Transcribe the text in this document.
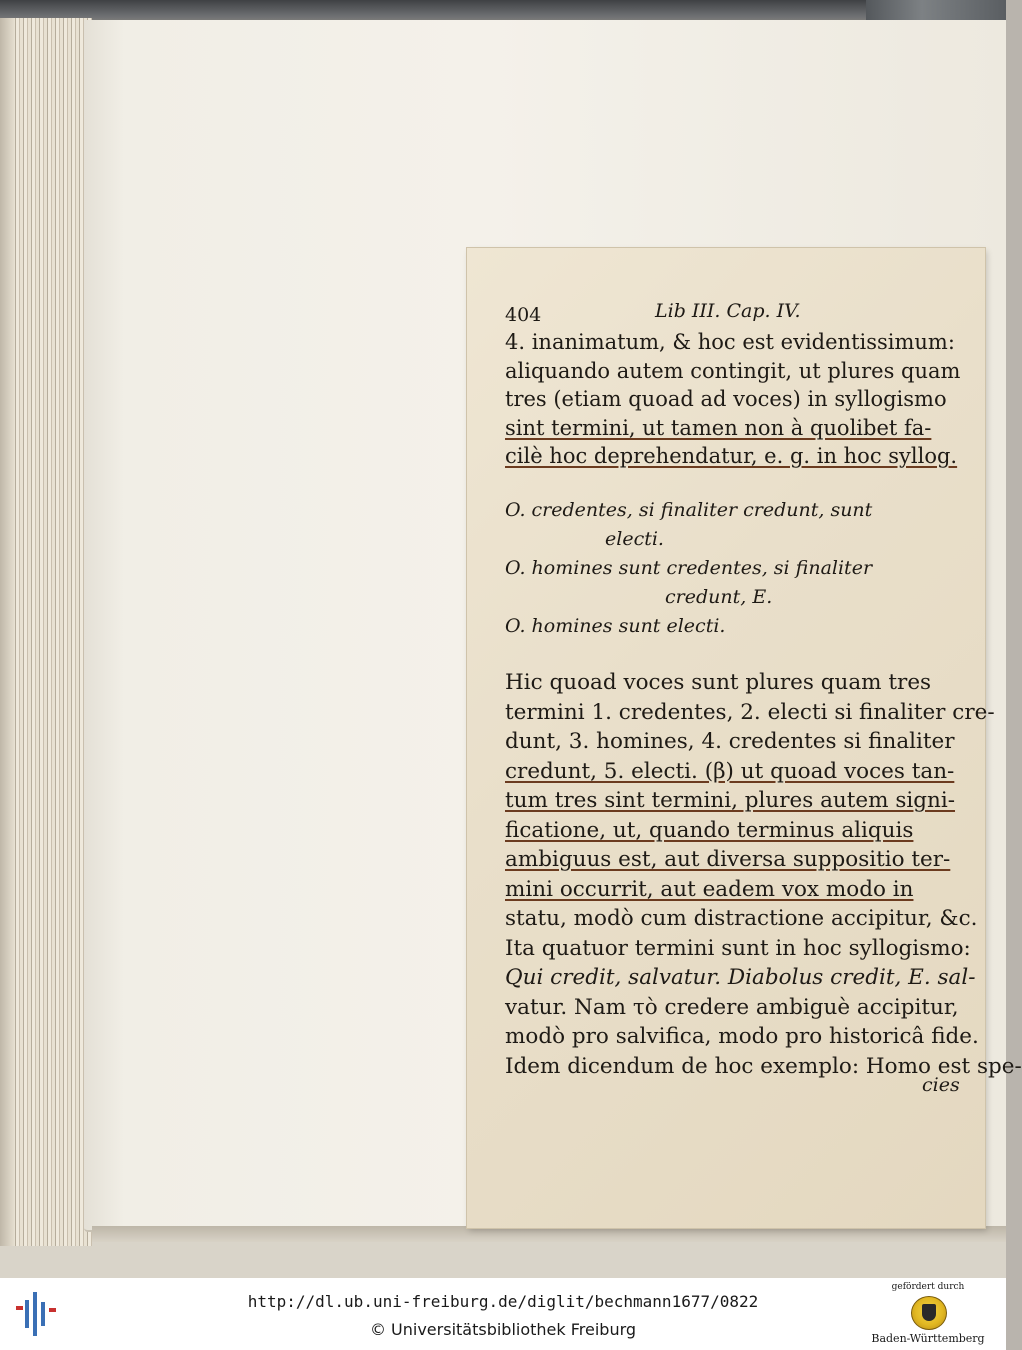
404	Lib III. Cap. IV.
4. inanimatum, & hoc est evidentissimum:
aliquando autem contingit, ut plures quam
tres (etiam quoad ad voces) in syllogismo
sint termini, ut tamen non à quolibet fa-
cilè hoc deprehendatur, e. g. in hoc syllog.
O. credentes, si finaliter credunt, sunt
electi.
O. homines sunt credentes, si finaliter
credunt, E.
O. homines sunt electi.
Hic quoad voces sunt plures quam tres
termini 1. credentes, 2. electi si finaliter cre-
dunt, 3. homines, 4. credentes si finaliter
credunt, 5. electi. (β) ut quoad voces tan-
tum tres sint termini, plures autem signi-
ficatione, ut, quando terminus aliquis
ambiguus est, aut diversa suppositio ter-
mini occurrit, aut eadem vox modo in
statu, modò cum distractione accipitur, &c.
Ita quatuor termini sunt in hoc syllogismo:
Qui credit, salvatur. Diabolus credit, E. sal-
vatur. Nam τὸ credere ambiguè accipitur,
modò pro salvifica, modo pro historicâ fide.
Idem dicendum de hoc exemplo: Homo est spe-
cies
http://dl.ub.uni-freiburg.de/diglit/bechmann1677/0822
© Universitätsbibliothek Freiburg
gefördert durch
Baden-Württemberg
